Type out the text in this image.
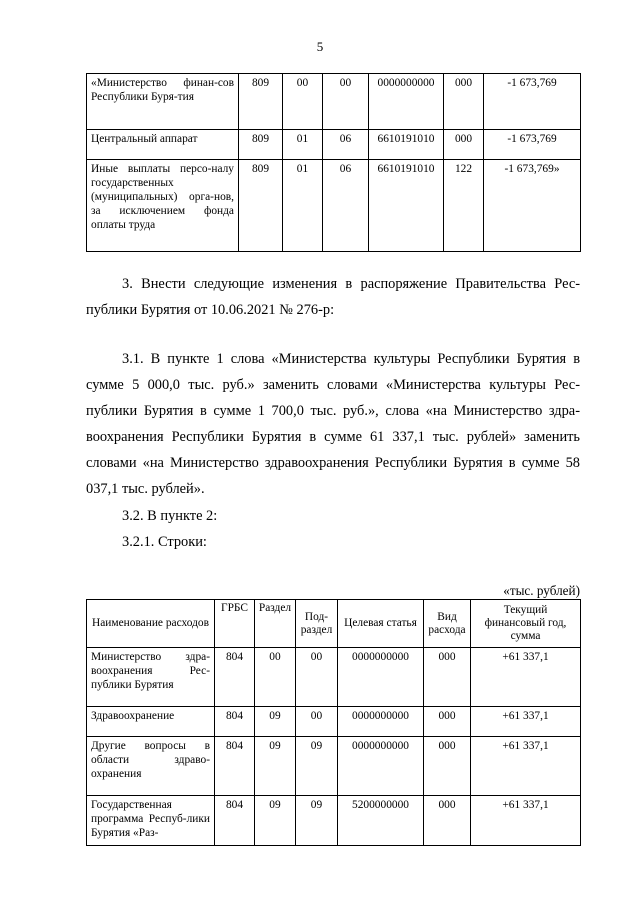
5
«Министерство финан-сов Республики Буря-тия	809	00	00	0000000000	000	-1 673,769
Центральный аппарат	809	01	06	6610191010	000	-1 673,769
Иные выплаты персо-налу государственных (муниципальных) орга-нов, за исключением фонда оплаты труда	809	01	06	6610191010	122	-1 673,769»
3. Внести следующие изменения в распоряжение Правительства Рес-публики Бурятия от 10.06.2021 № 276-р:
3.1. В пункте 1 слова «Министерства культуры Республики Бурятия в сумме 5 000,0 тыс. руб.» заменить словами «Министерства культуры Рес-публики Бурятия в сумме 1 700,0 тыс. руб.», слова «на Министерство здра-воохранения Республики Бурятия в сумме 61 337,1 тыс. рублей» заменить словами «на Министерство здравоохранения Республики Бурятия в сумме 58 037,1 тыс. рублей».
3.2. В пункте 2:
3.2.1. Строки:
«тыс. рублей)
Наименование расходов	ГРБС	Раздел	Под-раздел	Целевая статья	Вид расхода	Текущий финансовый год, сумма
Министерство здра-воохранения Рес-публики Бурятия	804	00	00	0000000000	000	+61 337,1
Здравоохранение	804	09	00	0000000000	000	+61 337,1
Другие вопросы в области здраво-охранения	804	09	09	0000000000	000	+61 337,1
Государственная программа Респуб-лики Бурятия «Раз-	804	09	09	5200000000	000	+61 337,1
